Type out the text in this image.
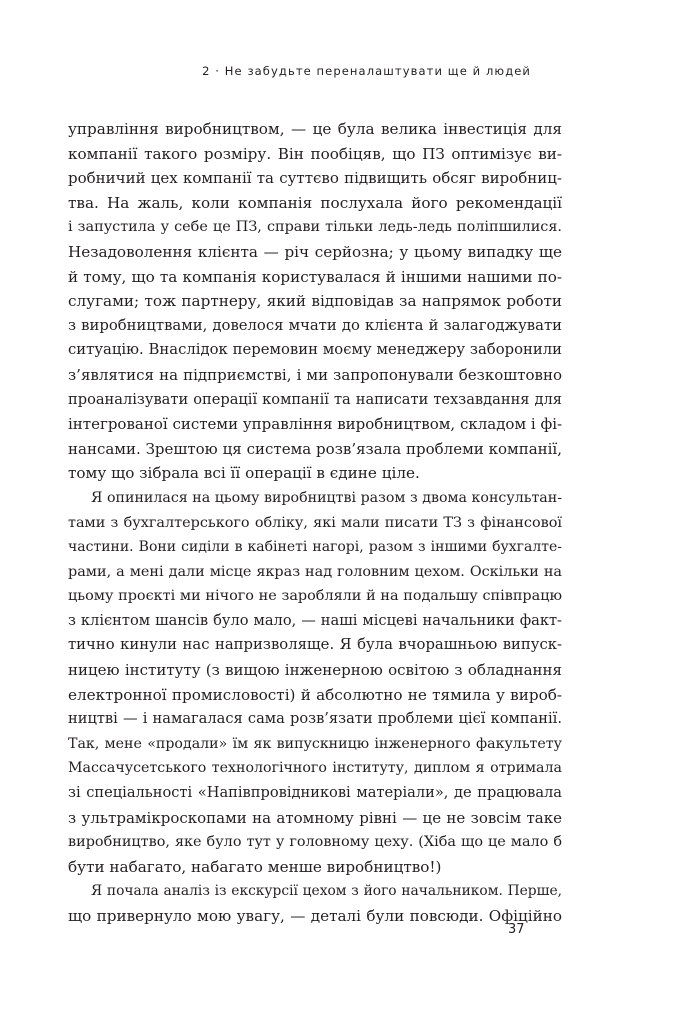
2 · Не забудьте переналаштувати ще й людей
управління виробництвом, — це була велика інвестиція для
компанії такого розміру. Він пообіцяв, що ПЗ оптимізує ви-
робничий цех компанії та суттєво підвищить обсяг виробниц-
тва. На жаль, коли компанія послухала його рекомендації
і запустила у себе це ПЗ, справи тільки ледь-ледь поліпшилися.
Незадоволення клієнта — річ серйозна; у цьому випадку ще
й тому, що та компанія користувалася й іншими нашими по-
слугами; тож партнеру, який відповідав за напрямок роботи
з виробництвами, довелося мчати до клієнта й залагоджувати
ситуацію. Внаслідок перемовин моєму менеджеру заборонили
з’являтися на підприємстві, і ми запропонували безкоштовно
проаналізувати операції компанії та написати техзавдання для
інтегрованої системи управління виробництвом, складом і фі-
нансами. Зрештою ця система розв’язала проблеми компанії,
тому що зібрала всі її операції в єдине ціле.
Я опинилася на цьому виробництві разом з двома консультан-
тами з бухгалтерського обліку, які мали писати ТЗ з фінансової
частини. Вони сиділи в кабінеті нагорі, разом з іншими бухгалте-
рами, а мені дали місце якраз над головним цехом. Оскільки на
цьому проєкті ми нічого не заробляли й на подальшу співпрацю
з клієнтом шансів було мало, — наші місцеві начальники факт-
тично кинули нас напризволяще. Я була вчорашньою випуск-
ницею інституту (з вищою інженерною освітою з обладнання
електронної промисловості) й абсолютно не тямила у вироб-
ництві — і намагалася сама розв’язати проблеми цієї компанії.
Так, мене «продали» їм як випускницю інженерного факультету
Массачусетського технологічного інституту, диплом я отримала
зі спеціальності «Напівпровідникові матеріали», де працювала
з ультрамікроскопами на атомному рівні — це не зовсім таке
виробництво, яке було тут у головному цеху. (Хіба що це мало б
бути набагато, набагато менше виробництво!)
Я почала аналіз із екскурсії цехом з його начальником. Перше,
що привернуло мою увагу, — деталі були повсюди. Офіційно
37
